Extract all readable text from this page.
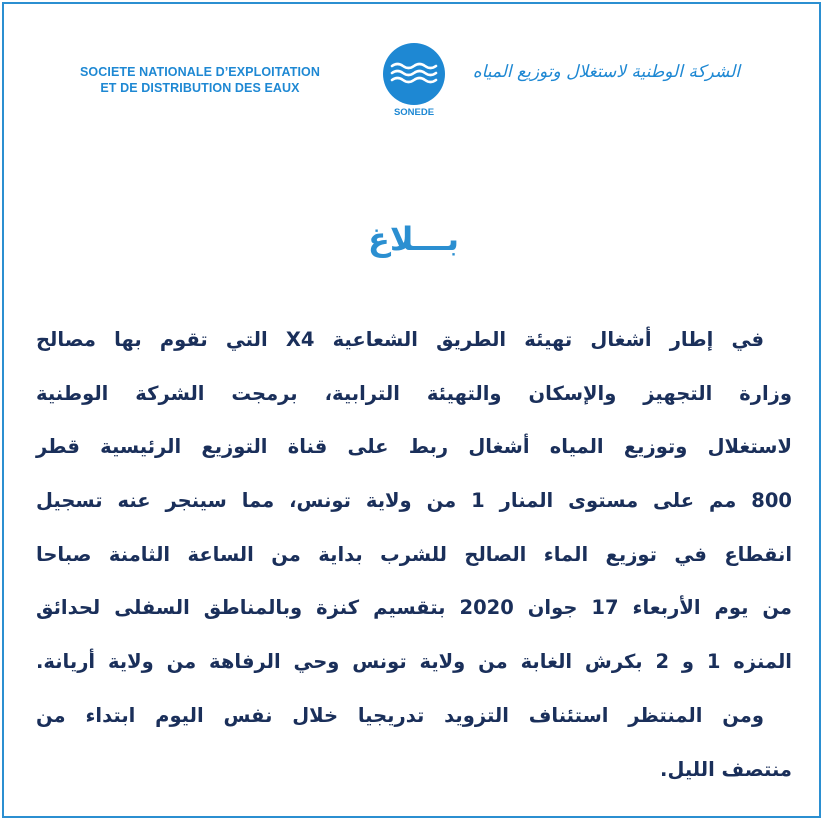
SOCIETE NATIONALE D’EXPLOITATION
ET DE DISTRIBUTION DES EAUX
SONEDE
الشركة الوطنية لاستغلال وتوزيع المياه
بـــلاغ
في إطار أشغال تهيئة الطريق الشعاعية X4 التي تقوم بها مصالح
وزارة التجهيز والإسكان والتهيئة الترابية، برمجت الشركة الوطنية
لاستغلال وتوزيع المياه أشغال ربط على قناة التوزيع الرئيسية قطر
800 مم على مستوى المنار 1 من ولاية تونس، مما سينجر عنه تسجيل
انقطاع في توزيع الماء الصالح للشرب بداية من الساعة الثامنة صباحا
من يوم الأربعاء 17 جوان 2020 بتقسيم كنزة وبالمناطق السفلى لحدائق
المنزه 1 و 2 بكرش الغابة من ولاية تونس وحي الرفاهة من ولاية أريانة.
ومن المنتظر استئناف التزويد تدريجيا خلال نفس اليوم ابتداء من
منتصف الليل.
